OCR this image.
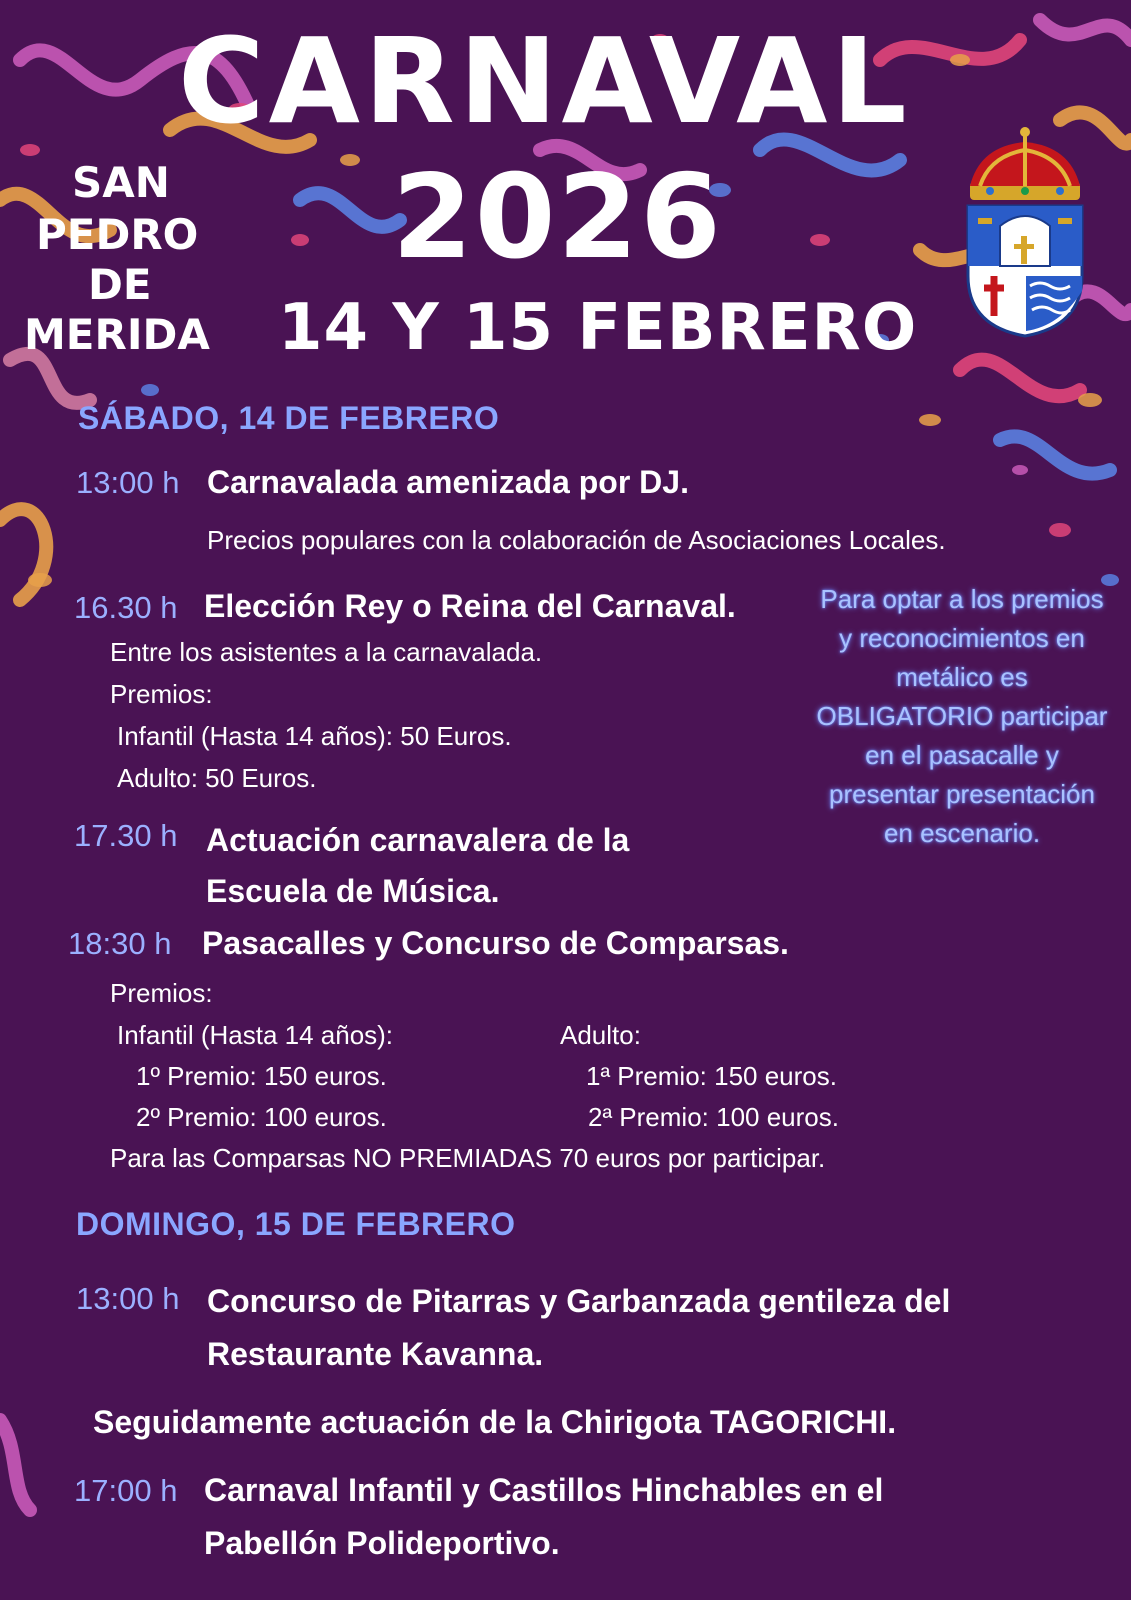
CARNAVAL
2026
14 Y 15 FEBRERO
SAN
PEDRO
DE
MERIDA
SÁBADO, 14 DE FEBRERO
13:00 h Carnavalada amenizada por DJ.
Precios populares con la colaboración de Asociaciones Locales.
16.30 h Elección Rey o Reina del Carnaval.
Entre los asistentes a la carnavalada.
Premios:
Infantil (Hasta 14 años): 50 Euros.
Adulto: 50 Euros.
17.30 h Actuación carnavalera de la
Escuela de Música.
18:30 h Pasacalles y Concurso de Comparsas.
Premios:
Infantil (Hasta 14 años):
1º Premio: 150 euros.
2º Premio: 100 euros.
Adulto:
1ª Premio: 150 euros.
2ª Premio: 100 euros.
Para las Comparsas NO PREMIADAS 70 euros por participar.

Para optar a los premios y reconocimientos en metálico es OBLIGATORIO participar en el pasacalle y presentar presentación en escenario.

DOMINGO, 15 DE FEBRERO
13:00 h Concurso de Pitarras y Garbanzada gentileza del
Restaurante Kavanna.
Seguidamente actuación de la Chirigota TAGORICHI.
17:00 h Carnaval Infantil y Castillos Hinchables en el
Pabellón Polideportivo.
